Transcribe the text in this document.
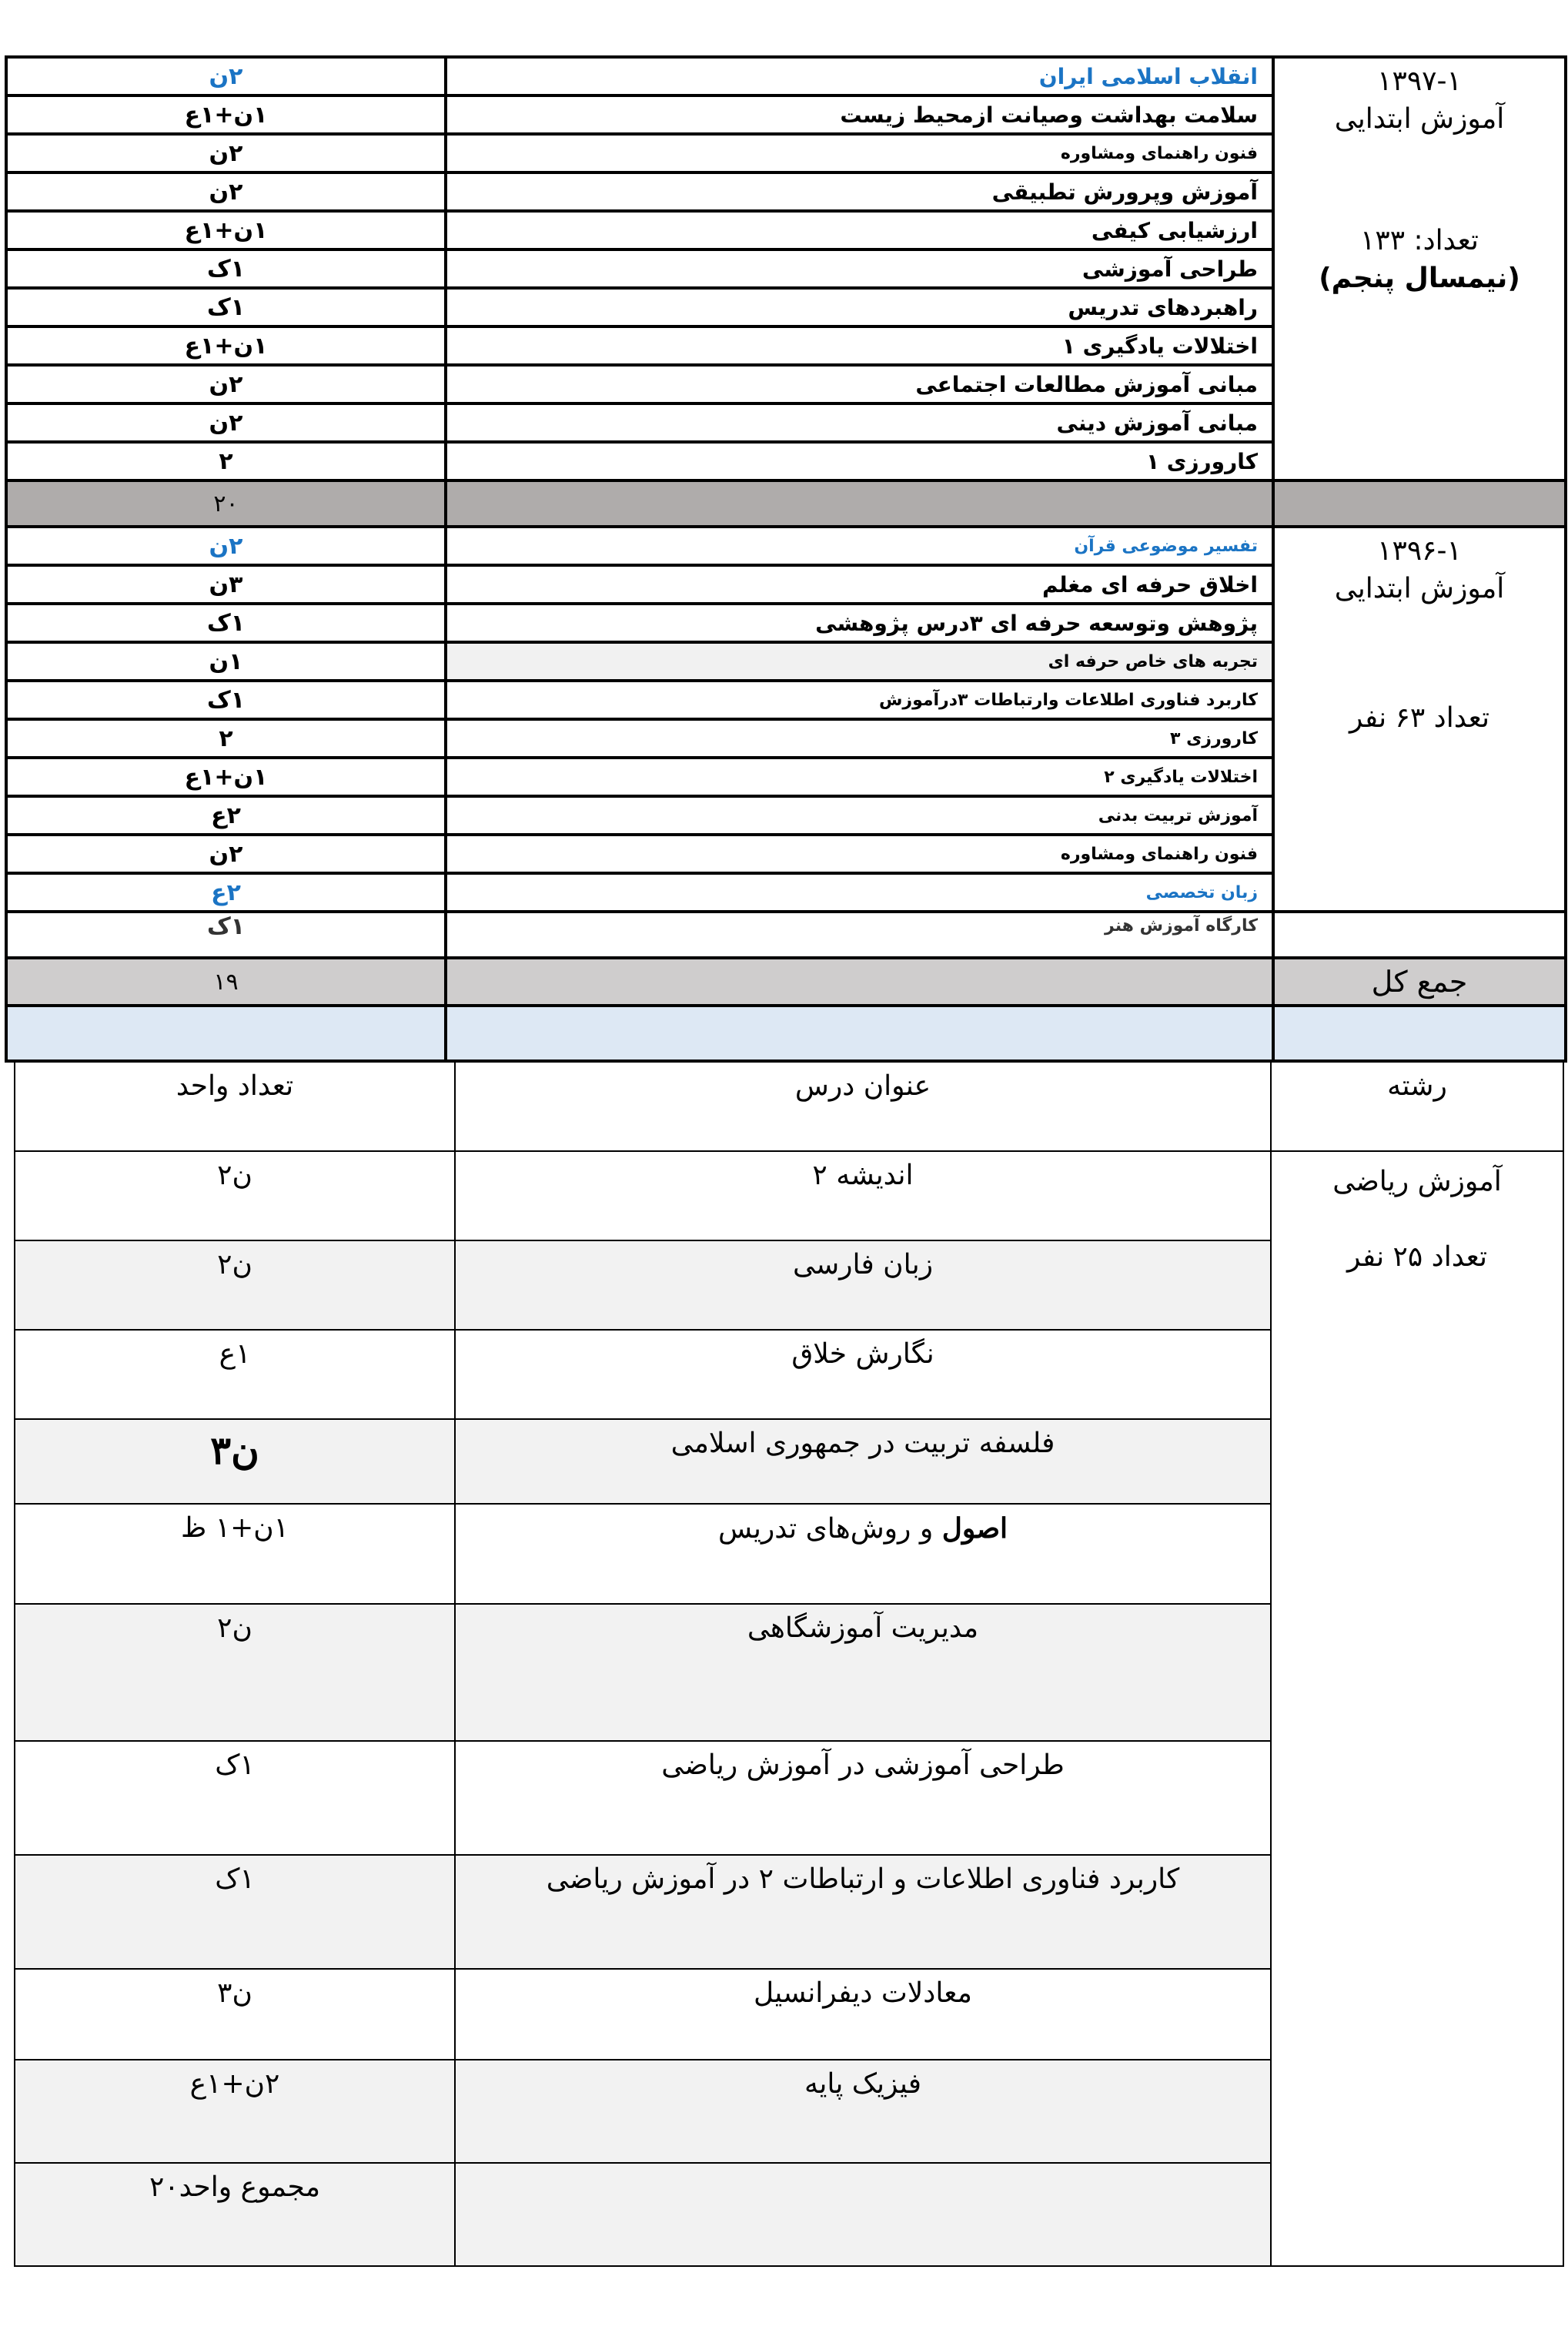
۱۳۹۷-۱
آموزش ابتدایی
تعداد: ۱۳۳
(نیمسال پنجم)	انقلاب اسلامی ایران	۲ن
	سلامت بهداشت وصیانت ازمحیط زیست	۱ن+۱ع
	فنون راهنمای ومشاوره	۲ن
	آموزش وپرورش تطبیقی	۲ن
	ارزشیابی کیفی	۱ن+۱ع
	طراحی آموزشی	۱ک
	راهبردهای تدریس	۱ک
	اختلالات یادگیری ۱	۱ن+۱ع
	مبانی آموزش مطالعات اجتماعی	۲ن
	مبانی آموزش دینی	۲ن
	کارورزی ۱	۲
		۲۰
۱۳۹۶-۱
آموزش ابتدایی
تعداد ۶۳ نفر	تفسیر موضوعی قرآن	۲ن
	اخلاق حرفه ای مغلم	۳ن
	پژوهش وتوسعه حرفه ای ۳درس پژوهشی	۱ک
	تجربه های خاص حرفه ای	۱ن
	کاربرد فناوری اطلاعات وارتباطات ۳درآموزش	۱ک
	کارورزی ۳	۲
	اختلالات یادگیری ۲	۱ن+۱ع
	آموزش تربیت بدنی	۲ع
	فنون راهنمای ومشاوره	۲ن
	زبان تخصصی	۲ع
	کارگاه آموزش هنر	۱ک
جمع کل		۱۹

رشته	عنوان درس	تعداد واحد
آموزش ریاضی
تعداد ۲۵ نفر	اندیشه ۲	ن۲
	زبان فارسی	ن۲
	نگارش خلاق	۱ع
	فلسفه تربیت در جمهوری اسلامی	ن۳
	اصول و روش‌های تدریس	۱ن+۱ ظ
	مدیریت آموزشگاهی	ن۲
	طراحی آموزشی در آموزش ریاضی	۱ک
	کاربرد فناوری اطلاعات و ارتباطات ۲ در آموزش ریاضی	۱ک
	معادلات دیفرانسیل	ن۳
	فیزیک پایه	۲ن+۱ع
		مجموع واحد۲۰
